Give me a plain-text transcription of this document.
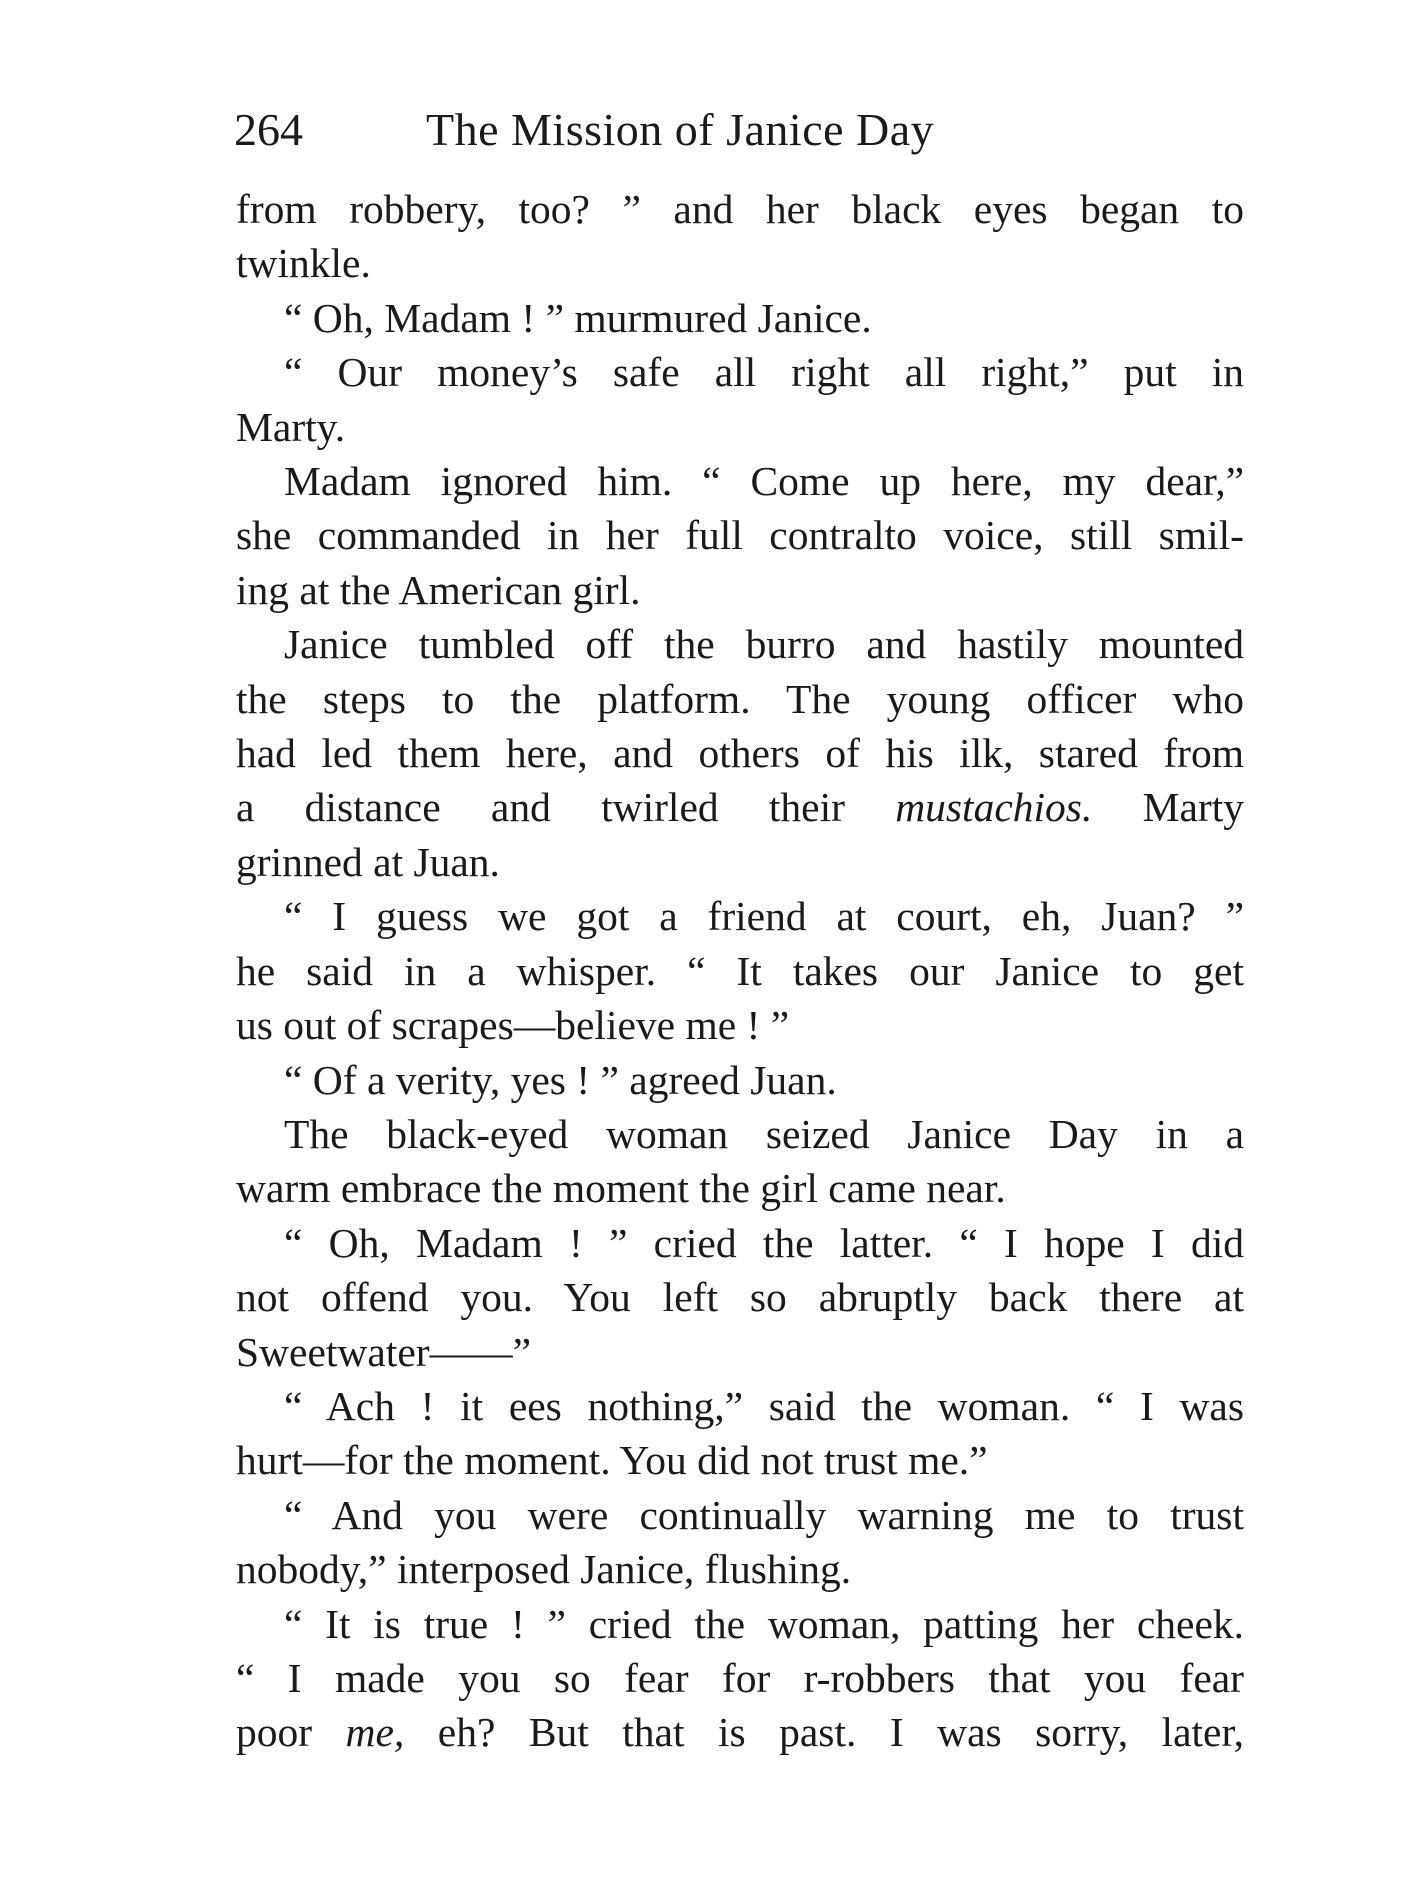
264	The Mission of Janice Day

from robbery, too? ” and her black eyes began to

twinkle.

“ Oh, Madam ! ” murmured Janice.

“ Our money’s safe all right all right,” put in

Marty.

Madam ignored him. “ Come up here, my dear,”

she commanded in her full contralto voice, still smil-

ing at the American girl.

Janice tumbled off the burro and hastily mounted

the steps to the platform. The young officer who

had led them here, and others of his ilk, stared from

a distance and twirled their mustachios. Marty

grinned at Juan.

“ I guess we got a friend at court, eh, Juan? ”

he said in a whisper. “ It takes our Janice to get

us out of scrapes—believe me ! ”

“ Of a verity, yes ! ” agreed Juan.

The black-eyed woman seized Janice Day in a

warm embrace the moment the girl came near.

“ Oh, Madam ! ” cried the latter. “ I hope I did

not offend you. You left so abruptly back there at

Sweetwater——”

“ Ach ! it ees nothing,” said the woman. “ I was

hurt—for the moment. You did not trust me.”

“ And you were continually warning me to trust

nobody,” interposed Janice, flushing.

“ It is true ! ” cried the woman, patting her cheek.

“ I made you so fear for r-robbers that you fear

poor me, eh? But that is past. I was sorry, later,
